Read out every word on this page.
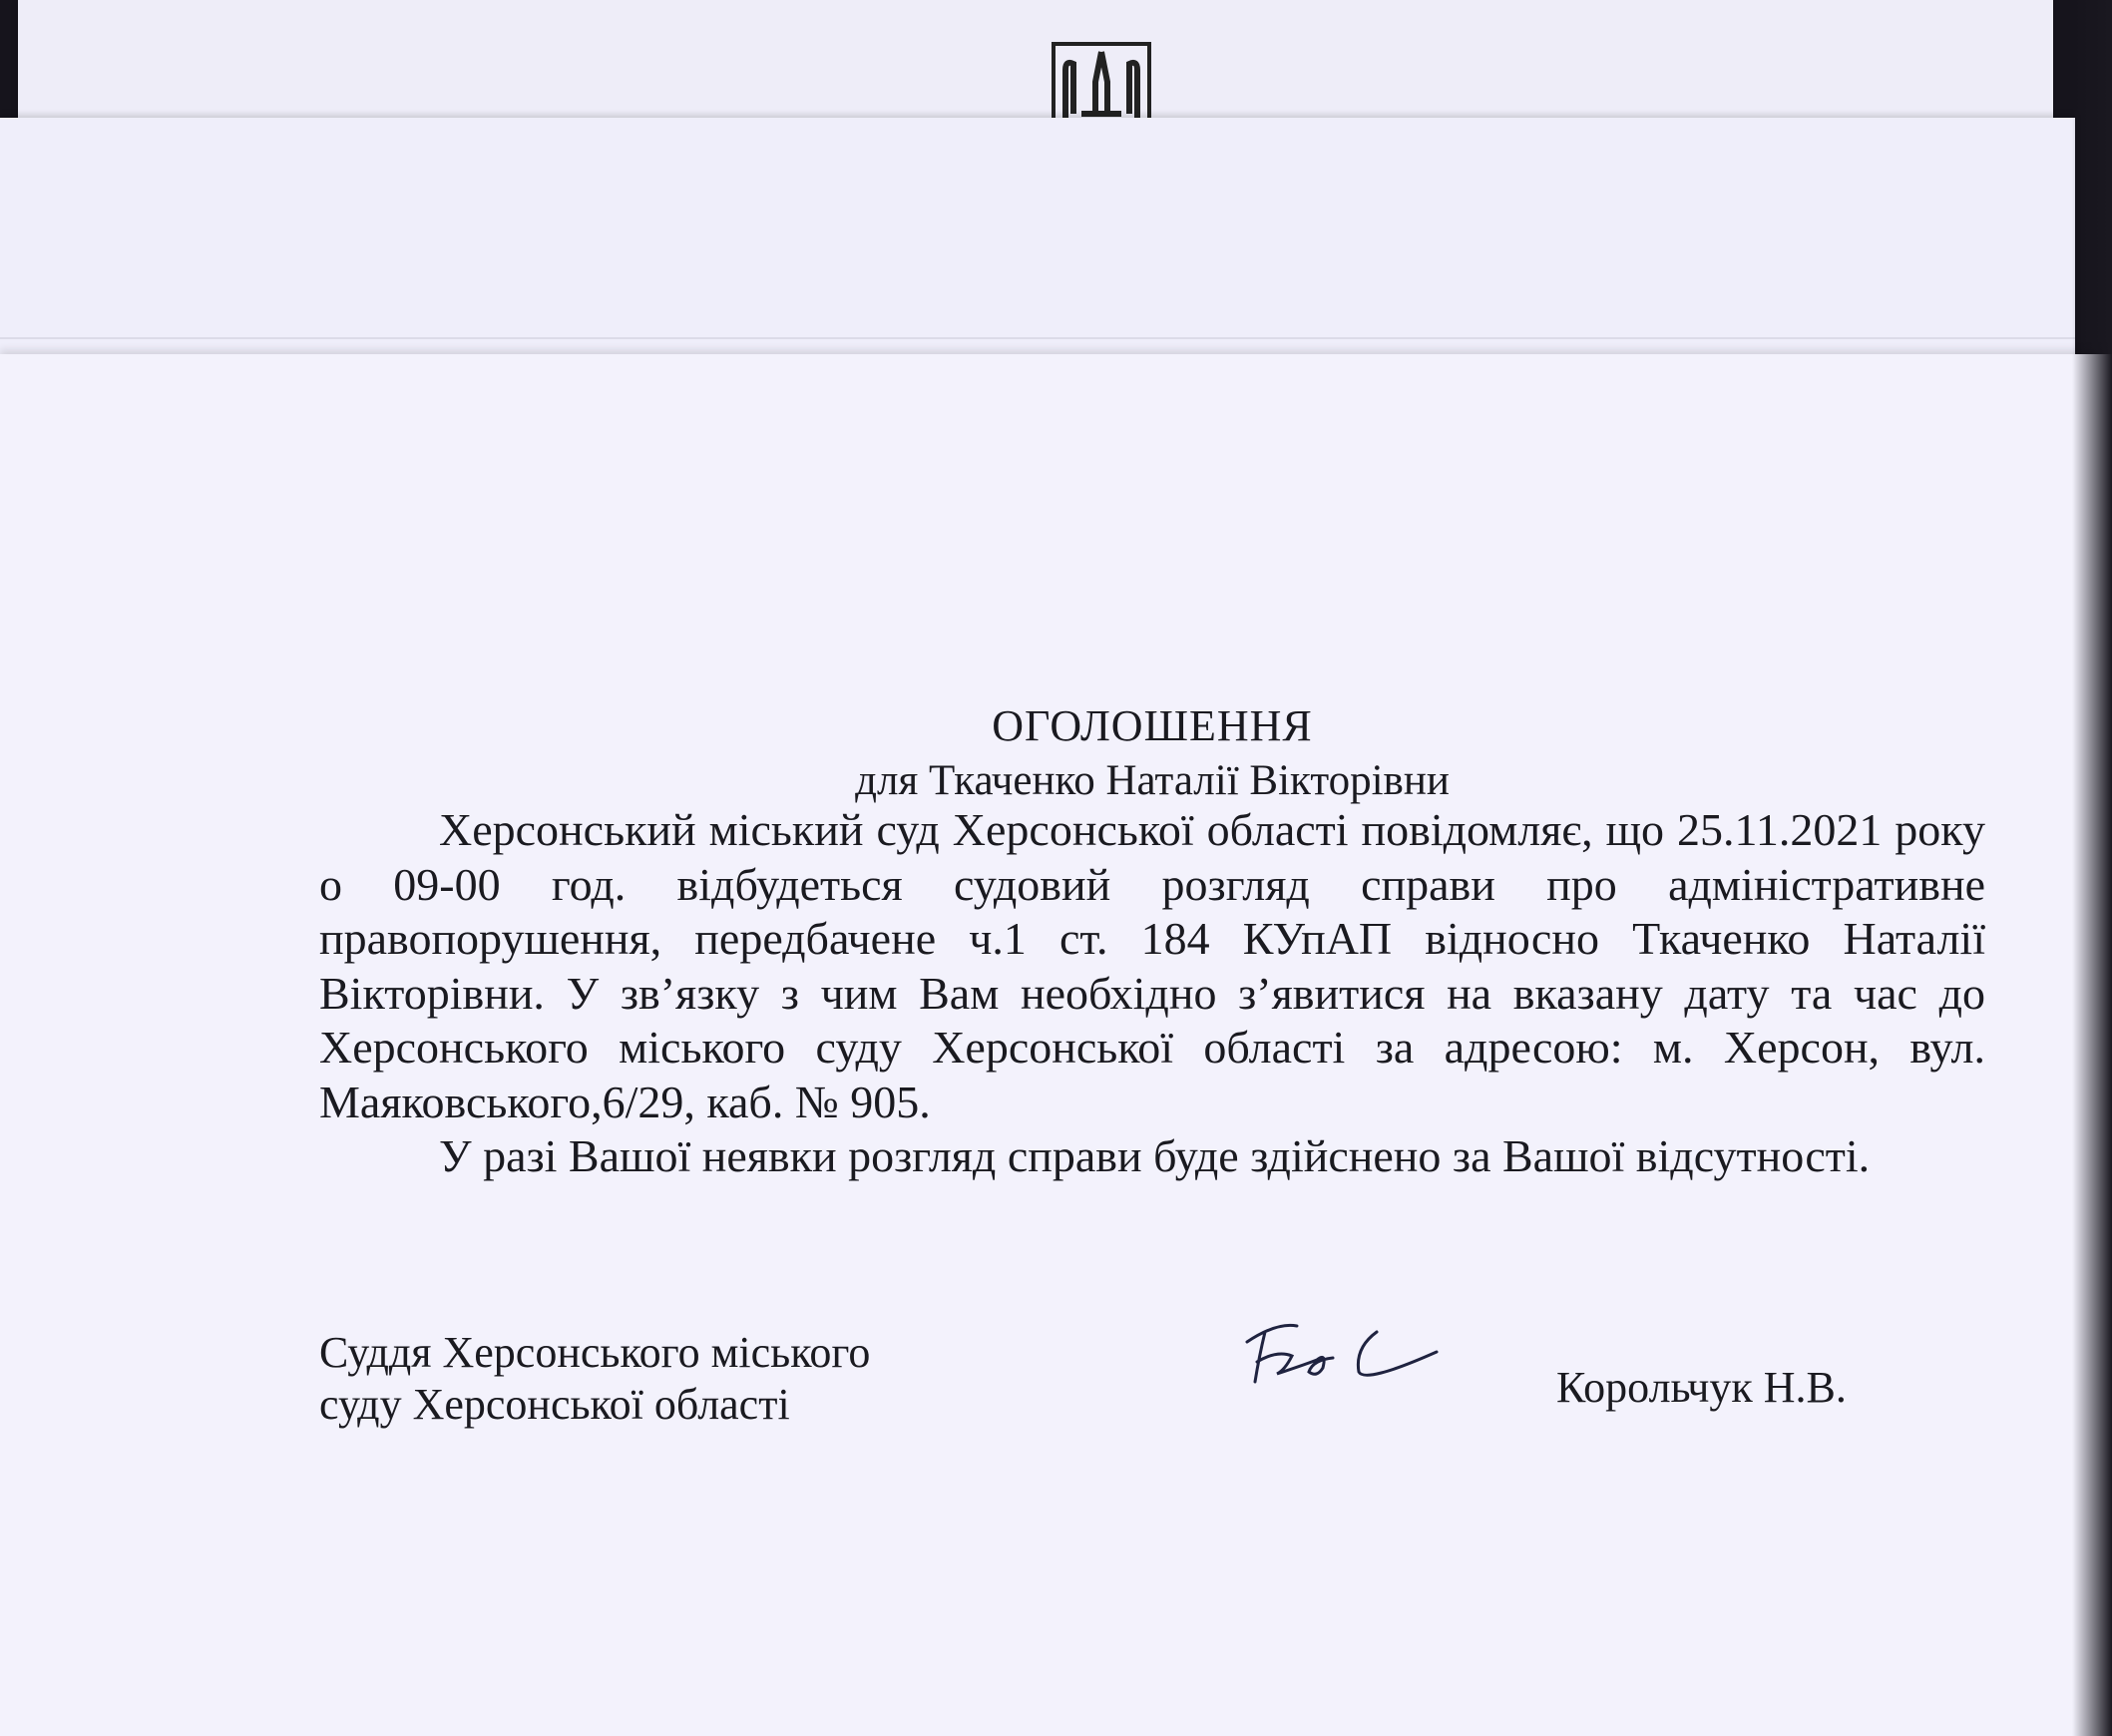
ОГОЛОШЕННЯ
для Ткаченко Наталії Вікторівни
Херсонський міський суд Херсонської області повідомляє, що 25.11.2021 року о 09-00 год. відбудеться судовий розгляд справи про адміністративне правопорушення, передбачене ч.1 ст. 184 КУпАП відносно Ткаченко Наталії Вікторівни. У зв’язку з чим Вам необхідно з’явитися на вказану дату та час до Херсонського міського суду Херсонської області за адресою: м. Херсон, вул. Маяковського,6/29, каб. № 905.
У разі Вашої неявки розгляд справи буде здійснено за Вашої відсутності.
Суддя Херсонського міського
суду Херсонської області	Корольчук Н.В.
